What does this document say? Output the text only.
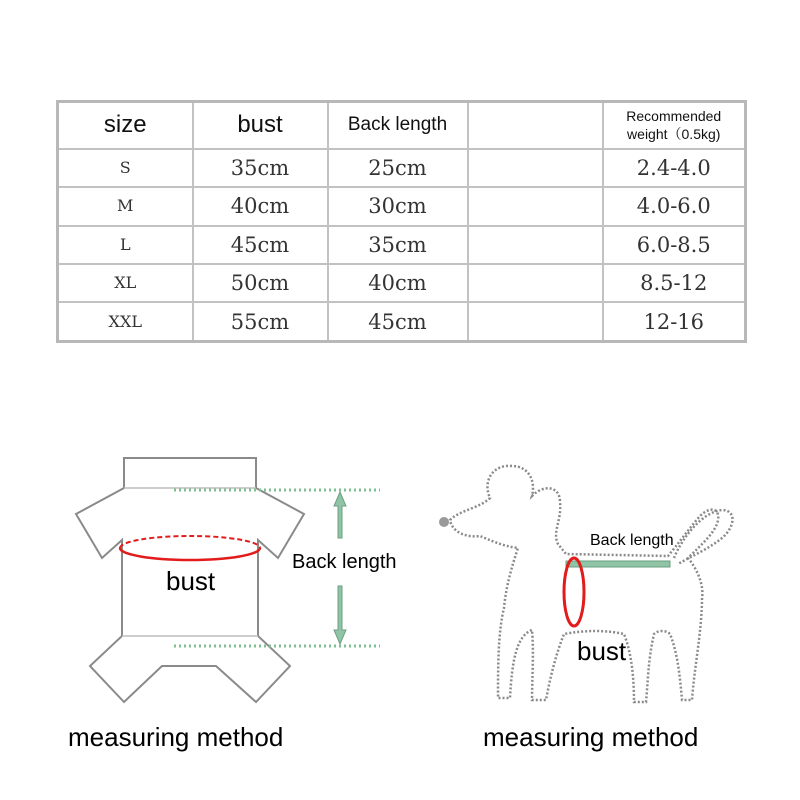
size	bust	Back length		Recommended
weight（0.5kg)

S	35cm	25cm		2.4-4.0
M	40cm	30cm		4.0-6.0
L	45cm	35cm		6.0-8.5
XL	50cm	40cm		8.5-12
XXL	55cm	45cm		12-16
Back length
bust
Back length
bust
measuring method	measuring method
